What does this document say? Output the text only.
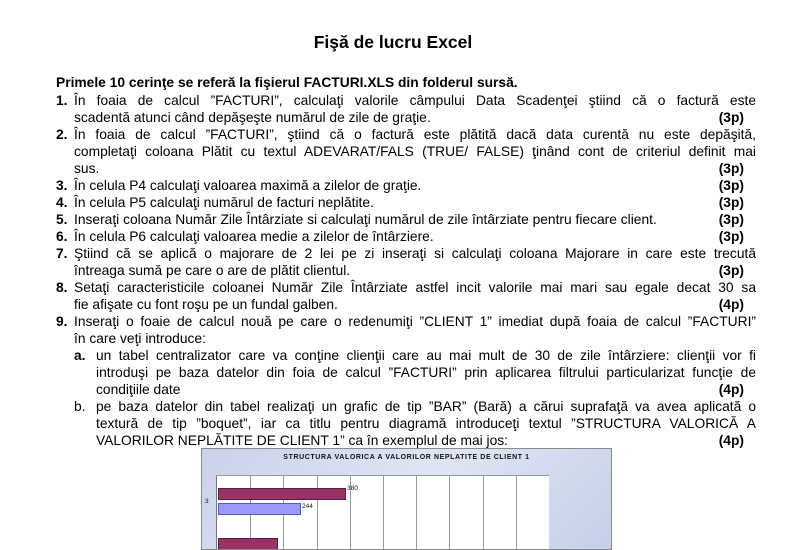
Fişă de lucru Excel
Primele 10 cerinţe se referă la fişierul FACTURI.XLS din folderul sursă.
1. În foaia de calcul ”FACTURI”, calculaţi valorile câmpului Data Scadenţei ştiind că o factură este
scadentă atunci când depăşeşte numărul de zile de graţie.	(3p)
2. În foaia de calcul ”FACTURI”, ştiind că o factură este plătită dacă data curentă nu este depăşită,
completaţi coloana Plătit cu textul ADEVARAT/FALS (TRUE/ FALSE) ţinând cont de criteriul definit mai
sus.	(3p)
3. În celula P4 calculaţi valoarea maximă a zilelor de graţie.	(3p)
4. În celula P5 calculaţi numărul de facturi neplătite.	(3p)
5. Inseraţi coloana Număr Zile Întârziate si calculaţi numărul de zile întârziate pentru fiecare client.	(3p)
6. În celula P6 calculaţi valoarea medie a zilelor de întârziere.	(3p)
7. Ştiind că se aplică o majorare de 2 lei pe zi inseraţi si calculaţi coloana Majorare in care este trecută
întreaga sumă pe care o are de plătit clientul.	(3p)
8. Setaţi caracteristicile coloanei Număr Zile Întârziate astfel incit valorile mai mari sau egale decat 30 sa
fie afişate cu font roşu pe un fundal galben.	(4p)
9. Inseraţi o foaie de calcul nouă pe care o redenumiţi ”CLIENT 1” imediat după foaia de calcul ”FACTURI”
în care veţi introduce:
a. un tabel centralizator care va conţine clienţii care au mai mult de 30 de zile întârziere: clienţii vor fi
introduşi pe baza datelor din foia de calcul ”FACTURI” prin aplicarea filtrului particularizat funcţie de
condiţiile date	(4p)
b. pe baza datelor din tabel realizaţi un grafic de tip ”BAR” (Bară) a cărui suprafaţă va avea aplicată o
textură de tip ”boquet”, iar ca titlu pentru diagramă introduceţi textul ”STRUCTURA VALORICĂ A
VALORILOR NEPLĂTITE DE CLIENT 1” ca în exemplul de mai jos:	(4p)
STRUCTURA VALORICA A VALORILOR NEPLATITE DE CLIENT 1
380
244
3
